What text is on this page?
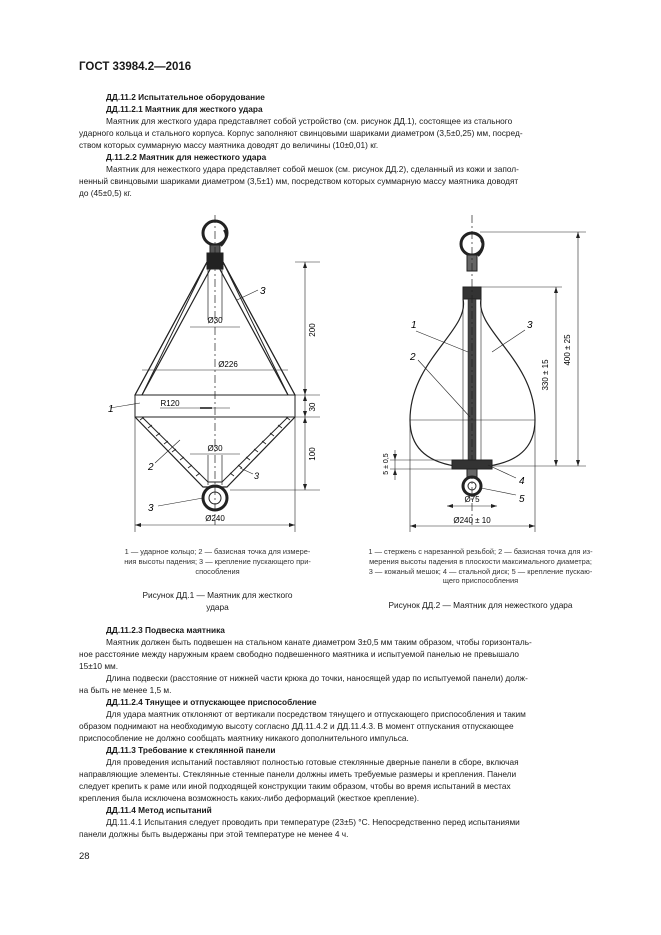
ГОСТ 33984.2—2016
ДД.11.2 Испытательное оборудование
ДД.11.2.1 Маятник для жесткого удара
Маятник для жесткого удара представляет собой устройство (см. рисунок ДД.1), состоящее из стального
ударного кольца и стального корпуса. Корпус заполняют свинцовыми шариками диаметром (3,5±0,25) мм, посред-
ством которых суммарную массу маятника доводят до величины (10±0,01) кг.
Д.11.2.2 Маятник для нежесткого удара
Маятник для нежесткого удара представляет собой мешок (см. рисунок ДД.2), сделанный из кожи и запол-
ненный свинцовыми шариками диаметром (3,5±1) мм, посредством которых суммарную массу маятника доводят
до (45±0,5) кг.
Ø30
Ø226
R120
Ø30
Ø240
200
30
100
3
1
2
3
3
400 ± 25
330 ± 15
5 ± 0,5
Ø75
Ø240 ± 10
1
2
3
4
5
1 — ударное кольцо; 2 — базисная точка для измере-
ния высоты падения; 3 — крепление пускающего при-
способления
Рисунок ДД.1 — Маятник для жесткого
удара
1 — стержень с нарезанной резьбой; 2 — базисная точка для из-
мерения высоты падения в плоскости максимального диаметра;
3 — кожаный мешок; 4 — стальной диск; 5 — крепление пускаю-
щего приспособления
Рисунок ДД.2 — Маятник для нежесткого удара
ДД.11.2.3 Подвеска маятника
Маятник должен быть подвешен на стальном канате диаметром 3±0,5 мм таким образом, чтобы горизонталь-
ное расстояние между наружным краем свободно подвешенного маятника и испытуемой панелью не превышало
15±10 мм.
Длина подвески (расстояние от нижней части крюка до точки, наносящей удар по испытуемой панели) долж-
на быть не менее 1,5 м.
ДД.11.2.4 Тянущее и отпускающее приспособление
Для удара маятник отклоняют от вертикали посредством тянущего и отпускающего приспособления и таким
образом поднимают на необходимую высоту согласно ДД.11.4.2 и ДД.11.4.3. В момент отпускания отпускающее
приспособление не должно сообщать маятнику никакого дополнительного импульса.
ДД.11.3 Требование к стеклянной панели
Для проведения испытаний поставляют полностью готовые стеклянные дверные панели в сборе, включая
направляющие элементы. Стеклянные стенные панели должны иметь требуемые размеры и крепления. Панели
следует крепить к раме или иной подходящей конструкции таким образом, чтобы во время испытаний в местах
крепления была исключена возможность каких-либо деформаций (жесткое крепление).
ДД.11.4 Метод испытаний
ДД.11.4.1 Испытания следует проводить при температуре (23±5) °С. Непосредственно перед испытаниями
панели должны быть выдержаны при этой температуре не менее 4 ч.
28
